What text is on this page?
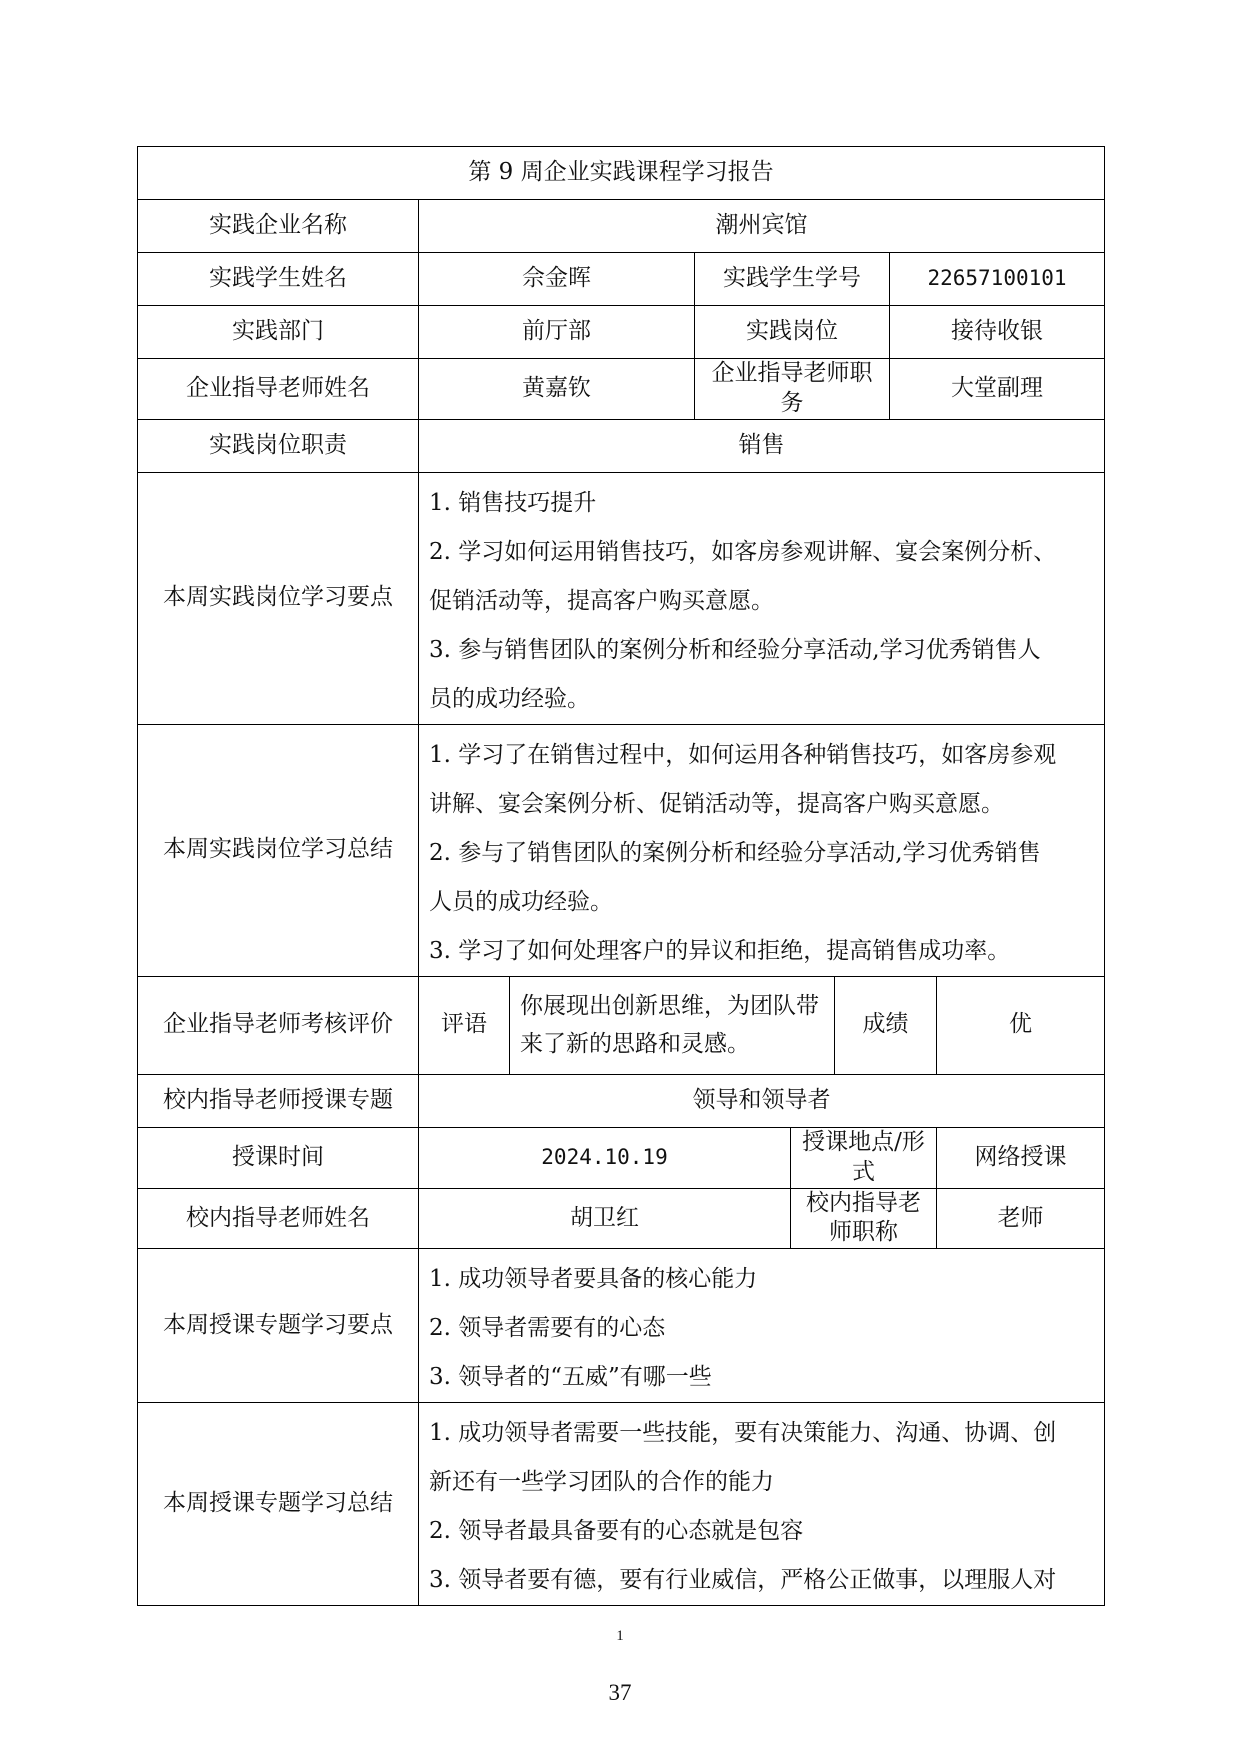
第 9 周企业实践课程学习报告							
实践企业名称	潮州宾馆						
实践学生姓名	佘金晖		实践学生学号			22657100101	
实践部门	前厅部		实践岗位			接待收银	
企业指导老师姓名	黄嘉钦		企业指导老师职务			大堂副理	
实践岗位职责	销售						
本周实践岗位学习要点	1. 销售技巧提升
2. 学习如何运用销售技巧，如客房参观讲解、宴会案例分析、
促销活动等，提高客户购买意愿。
3. 参与销售团队的案例分析和经验分享活动,学习优秀销售人
员的成功经验。						

本周实践岗位学习总结	1. 学习了在销售过程中，如何运用各种销售技巧，如客房参观
讲解、宴会案例分析、促销活动等，提高客户购买意愿。
2. 参与了销售团队的案例分析和经验分享活动,学习优秀销售
人员的成功经验。
3. 学习了如何处理客户的异议和拒绝，提高销售成功率。						

企业指导老师考核评价	评语	你展现出创新思维，为团队带来了新的思路和灵感。			成绩		优
校内指导老师授课专题	领导和领导者						
授课时间	2024.10.19			授课地点/形式			网络授课
校内指导老师姓名	胡卫红			校内指导老师职称			老师
本周授课专题学习要点	1. 成功领导者要具备的核心能力
2. 领导者需要有的心态
3. 领导者的“五威”有哪一些						

本周授课专题学习总结	1. 成功领导者需要一些技能，要有决策能力、沟通、协调、创
新还有一些学习团队的合作的能力
2. 领导者最具备要有的心态就是包容
3. 领导者要有德，要有行业威信，严格公正做事，以理服人对						
1
37
